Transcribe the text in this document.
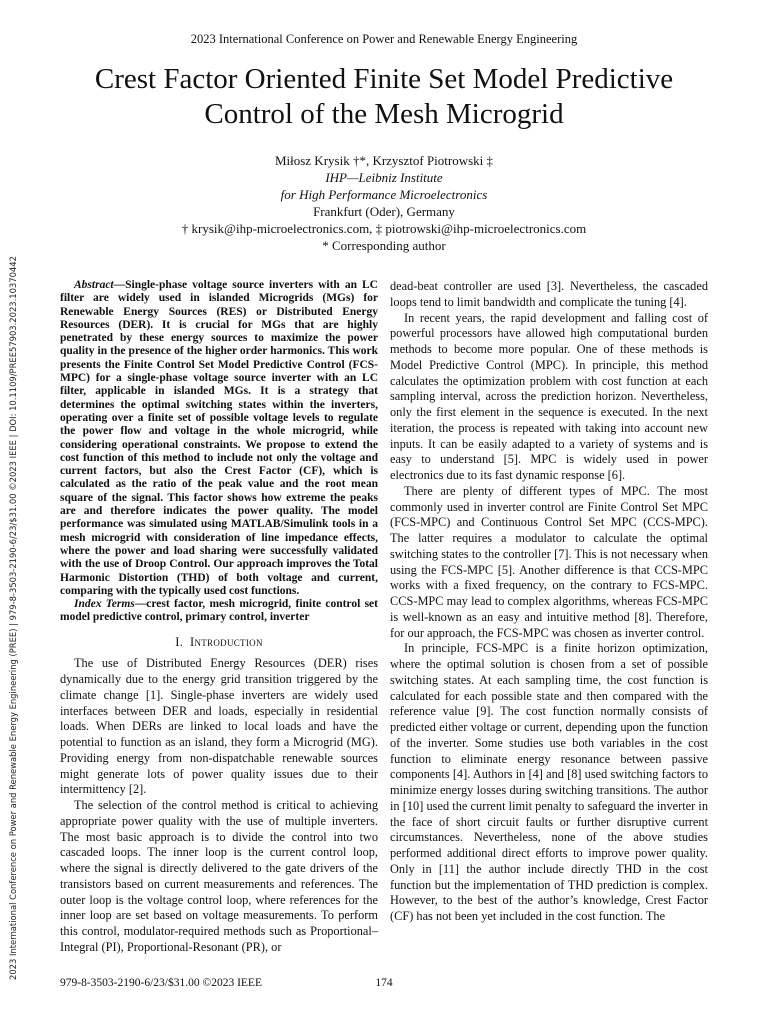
2023 International Conference on Power and Renewable Energy Engineering
Crest Factor Oriented Finite Set Model Predictive
Control of the Mesh Microgrid
Miłosz Krysik †*, Krzysztof Piotrowski ‡
IHP—Leibniz Institute
for High Performance Microelectronics
Frankfurt (Oder), Germany
† krysik@ihp-microelectronics.com, ‡ piotrowski@ihp-microelectronics.com
* Corresponding author
2023 International Conference on Power and Renewable Energy Engineering (PREE) | 979-8-3503-2190-6/23/$31.00 ©2023 IEEE | DOI: 10.1109/PREE57903.2023.10370442	Abstract—Single-phase voltage source inverters with an LC filter are widely used in islanded Microgrids (MGs) for Renewable Energy Sources (RES) or Distributed Energy Resources (DER). It is crucial for MGs that are highly penetrated by these energy sources to maximize the power quality in the presence of the higher order harmonics. This work presents the Finite Control Set Model Predictive Control (FCS-MPC) for a single-phase voltage source inverter with an LC filter, applicable in islanded MGs. It is a strategy that determines the optimal switching states within the inverters, operating over a finite set of possible voltage levels to regulate the power flow and voltage in the whole microgrid, while considering operational constraints. We propose to extend the cost function of this method to include not only the voltage and current factors, but also the Crest Factor (CF), which is calculated as the ratio of the peak value and the root mean square of the signal. This factor shows how extreme the peaks are and therefore indicates the power quality. The model performance was simulated using MATLAB/Simulink tools in a mesh microgrid with consideration of line impedance effects, where the power and load sharing were successfully validated with the use of Droop Control. Our approach improves the Total Harmonic Distortion (THD) of both voltage and current, comparing with the typically used cost functions.

Index Terms—crest factor, mesh microgrid, finite control set model predictive control, primary control, inverter

I. Introduction

The use of Distributed Energy Resources (DER) rises dynamically due to the energy grid transition triggered by the climate change [1]. Single-phase inverters are widely used interfaces between DER and loads, especially in residential loads. When DERs are linked to local loads and have the potential to function as an island, they form a Microgrid (MG). Providing energy from non-dispatchable renewable sources might generate lots of power quality issues due to their intermittency [2].

The selection of the control method is critical to achieving appropriate power quality with the use of multiple inverters. The most basic approach is to divide the control into two cascaded loops. The inner loop is the current control loop, where the signal is directly delivered to the gate drivers of the transistors based on current measurements and references. The outer loop is the voltage control loop, where references for the inner loop are set based on voltage measurements. To perform this control, modulator-required methods such as Proportional–Integral (PI), Proportional-Resonant (PR), or

dead-beat controller are used [3]. Nevertheless, the cascaded loops tend to limit bandwidth and complicate the tuning [4].

In recent years, the rapid development and falling cost of powerful processors have allowed high computational burden methods to become more popular. One of these methods is Model Predictive Control (MPC). In principle, this method calculates the optimization problem with cost function at each sampling interval, across the prediction horizon. Nevertheless, only the first element in the sequence is executed. In the next iteration, the process is repeated with taking into account new inputs. It can be easily adapted to a variety of systems and is easy to understand [5]. MPC is widely used in power electronics due to its fast dynamic response [6].

There are plenty of different types of MPC. The most commonly used in inverter control are Finite Control Set MPC (FCS-MPC) and Continuous Control Set MPC (CCS-MPC). The latter requires a modulator to calculate the optimal switching states to the controller [7]. This is not necessary when using the FCS-MPC [5]. Another difference is that CCS-MPC works with a fixed frequency, on the contrary to FCS-MPC. CCS-MPC may lead to complex algorithms, whereas FCS-MPC is well-known as an easy and intuitive method [8]. Therefore, for our approach, the FCS-MPC was chosen as inverter control.

In principle, FCS-MPC is a finite horizon optimization, where the optimal solution is chosen from a set of possible switching states. At each sampling time, the cost function is calculated for each possible state and then compared with the reference value [9]. The cost function normally consists of predicted either voltage or current, depending upon the function of the inverter. Some studies use both variables in the cost function to eliminate energy resonance between passive components [4]. Authors in [4] and [8] used switching factors to minimize energy losses during switching transitions. The author in [10] used the current limit penalty to safeguard the inverter in the face of short circuit faults or further disruptive current circumstances. Nevertheless, none of the above studies performed additional direct efforts to improve power quality. Only in [11] the author include directly THD in the cost function but the implementation of THD prediction is complex. However, to the best of the author’s knowledge, Crest Factor (CF) has not been yet included in the cost function. The

979-8-3503-2190-6/23/$31.00 ©2023 IEEE	174
